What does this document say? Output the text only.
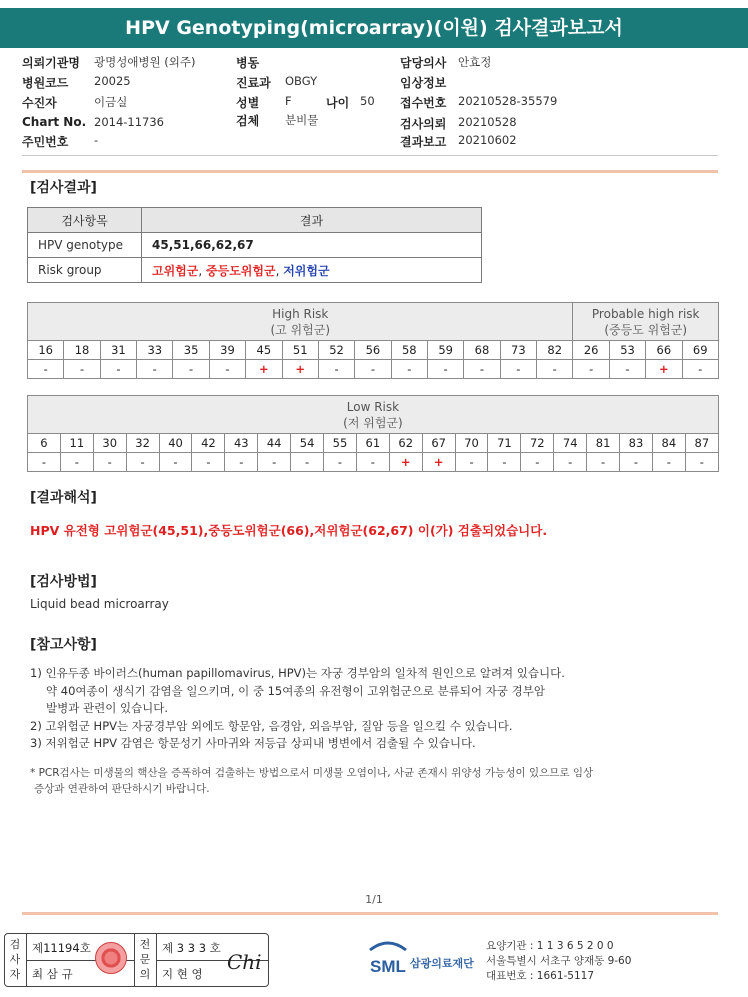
HPV Genotyping(microarray)(이원) 검사결과보고서
의뢰기관명 광명성애병원 (외주)
병원코드 20025
수진자	이금실
Chart No. 2014-11736
주민번호 -
병동
진료과 OBGY
성별 F	나이 50
검체 분비물
담당의사 안효정
임상정보
접수번호 20210528-35579
검사의뢰 20210528
결과보고 20210602
[검사결과]
검사항목	결과
HPV genotype	45,51,66,62,67
Risk group	고위험군, 중등도위험군, 저위험군
High Risk
(고 위험군)															Probable high risk
(중등도 위험군)			
16	18	31	33	35	39	45	51	52	56	58	59	68	73	82	26	53	66	69
-	-	-	-	-	-	+	+	-	-	-	-	-	-	-	-	-	+	-
Low Risk
(저 위험군)																				
6	11	30	32	40	42	43	44	54	55	61	62	67	70	71	72	74	81	83	84	87
-	-	-	-	-	-	-	-	-	-	-	+	+	-	-	-	-	-	-	-	-
[결과해석]
HPV 유전형 고위험군(45,51),중등도위험군(66),저위험군(62,67) 이(가) 검출되었습니다.
[검사방법]
Liquid bead microarray
[참고사항]
1) 인유두종 바이러스(human papillomavirus, HPV)는 자궁 경부암의 일차적 원인으로 알려져 있습니다.
약 40여종이 생식기 감염을 일으키며, 이 중 15여종의 유전형이 고위험군으로 분류되어 자궁 경부암
발병과 관련이 있습니다.
2) 고위험군 HPV는 자궁경부암 외에도 항문암, 음경암, 외음부암, 질암 등을 일으킬 수 있습니다.
3) 저위험군 HPV 감염은 항문성기 사마귀와 저등급 상피내 병변에서 검출될 수 있습니다.
* PCR검사는 미생물의 핵산을 증폭하여 검출하는 방법으로서 미생물 오염이나, 사균 존재시 위양성 가능성이 있으므로 임상
증상과 연관하여 판단하시기 바랍니다.
1/1
검
사
자
제11194호
최 삼 규
전
문
의
제 3 3 3 호
지 현 영 Chi	SML 삼광의료재단
요양기관 : 1 1 3 6 5 2 0 0
서울특별시 서초구 양재동 9-60
대표번호 : 1661-5117
